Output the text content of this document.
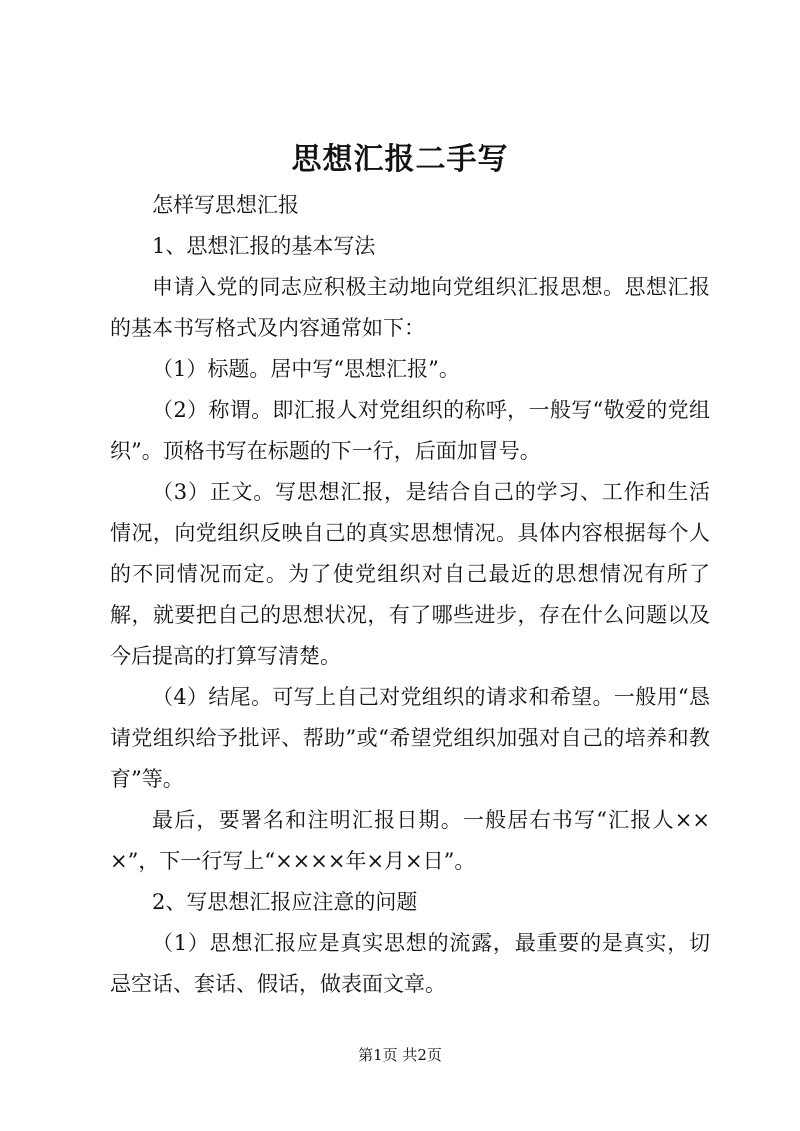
思想汇报二手写

怎样写思想汇报

1、思想汇报的基本写法

申请入党的同志应积极主动地向党组织汇报思想。思想汇报的基本书写格式及内容通常如下：

（1）标题。居中写“思想汇报”。

（2）称谓。即汇报人对党组织的称呼，一般写“敬爱的党组织”。顶格书写在标题的下一行，后面加冒号。

（3）正文。写思想汇报，是结合自己的学习、工作和生活情况，向党组织反映自己的真实思想情况。具体内容根据每个人的不同情况而定。为了使党组织对自己最近的思想情况有所了解，就要把自己的思想状况，有了哪些进步，存在什么问题以及今后提高的打算写清楚。

（4）结尾。可写上自己对党组织的请求和希望。一般用“恳请党组织给予批评、帮助”或“希望党组织加强对自己的培养和教育”等。

最后，要署名和注明汇报日期。一般居右书写“汇报人×××”，下一行写上“××××年×月×日”。

2、写思想汇报应注意的问题

（1）思想汇报应是真实思想的流露，最重要的是真实，切忌空话、套话、假话，做表面文章。

第1页 共2页
